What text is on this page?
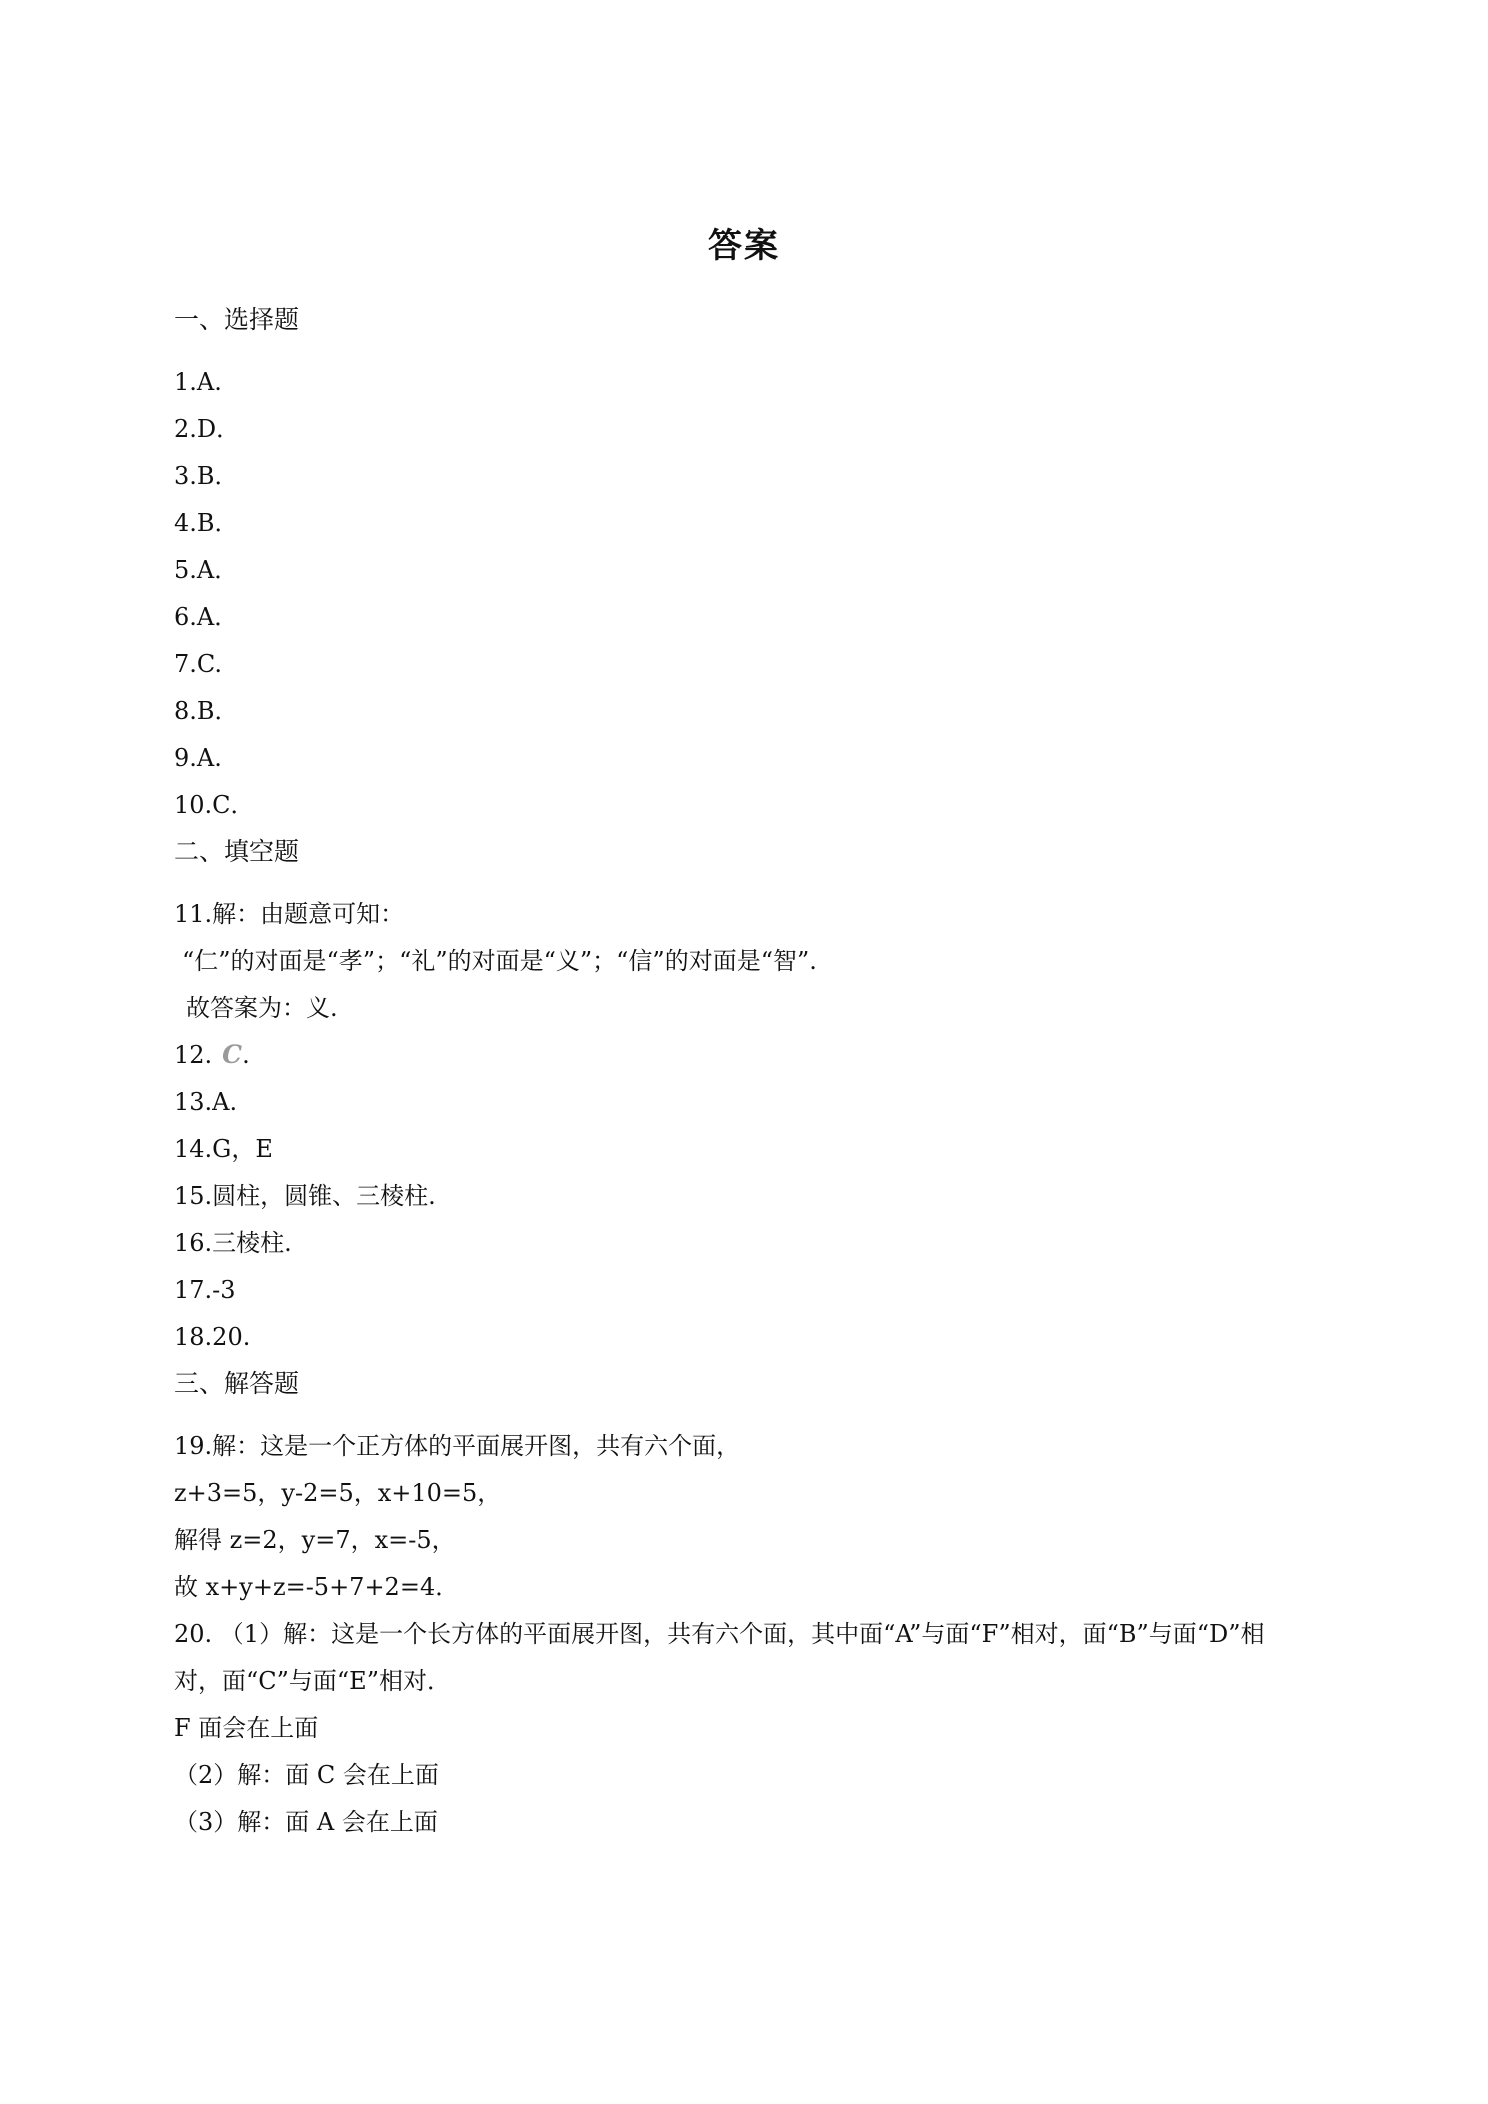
答案
一、选择题
1.A.
2.D．
3.B．
4.B．
5.A．
6.A．
7.C.
8.B．
9.A.
10.C．
二、填空题
11.解：由题意可知：
“仁”的对面是“孝”；“礼”的对面是“义”；“信”的对面是“智”.
故答案为：义.
12. C.
13.A.
14.G，E
15.圆柱，圆锥、三棱柱.
16.三棱柱.
17.-3
18.20.
三、解答题
19.解：这是一个正方体的平面展开图，共有六个面，
z+3=5，y-2=5，x+10=5，
解得 z=2，y=7，x=-5，
故 x+y+z=-5+7+2=4．
20. （1）解：这是一个长方体的平面展开图，共有六个面，其中面“A”与面“F”相对，面“B”与面“D”相
对，面“C”与面“E”相对．
F 面会在上面
（2）解：面 C 会在上面
（3）解：面 A 会在上面
